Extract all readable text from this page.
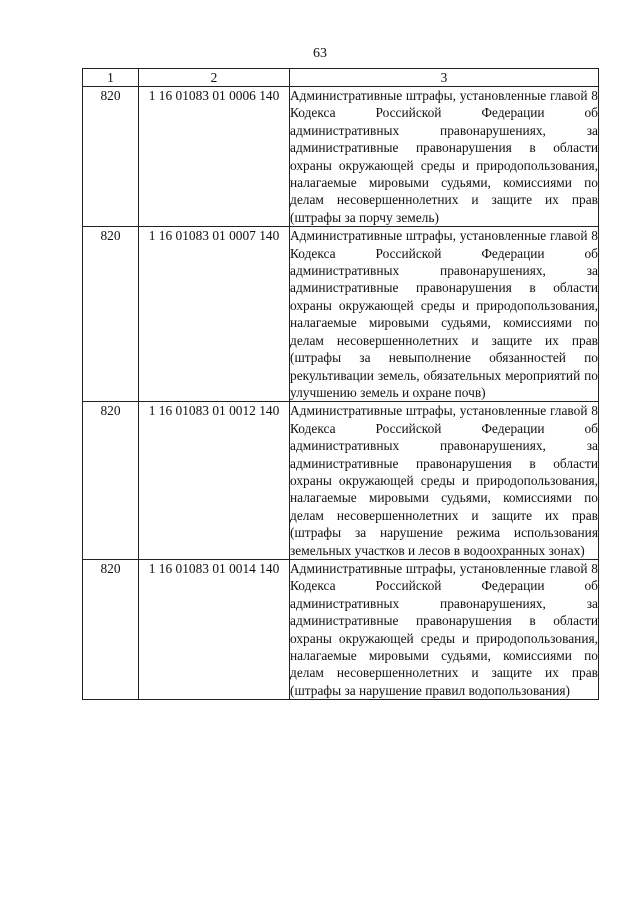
63
1	2	3
820	1 16 01083 01 0006 140	Административные штрафы, установленные главой 8 Кодекса Российской Федерации об административных правонарушениях, за административные правонарушения в области охраны окружающей среды и природопользования, налагаемые мировыми судьями, комиссиями по делам несовершеннолетних и защите их прав (штрафы за порчу земель)
820	1 16 01083 01 0007 140	Административные штрафы, установленные главой 8 Кодекса Российской Федерации об административных правонарушениях, за административные правонарушения в области охраны окружающей среды и природопользования, налагаемые мировыми судьями, комиссиями по делам несовершеннолетних и защите их прав (штрафы за невыполнение обязанностей по рекультивации земель, обязательных мероприятий по улучшению земель и охране почв)
820	1 16 01083 01 0012 140	Административные штрафы, установленные главой 8 Кодекса Российской Федерации об административных правонарушениях, за административные правонарушения в области охраны окружающей среды и природопользования, налагаемые мировыми судьями, комиссиями по делам несовершеннолетних и защите их прав (штрафы за нарушение режима использования земельных участков и лесов в водоохранных зонах)
820	1 16 01083 01 0014 140	Административные штрафы, установленные главой 8 Кодекса Российской Федерации об административных правонарушениях, за административные правонарушения в области охраны окружающей среды и природопользования, налагаемые мировыми судьями, комиссиями по делам несовершеннолетних и защите их прав (штрафы за нарушение правил водопользования)
